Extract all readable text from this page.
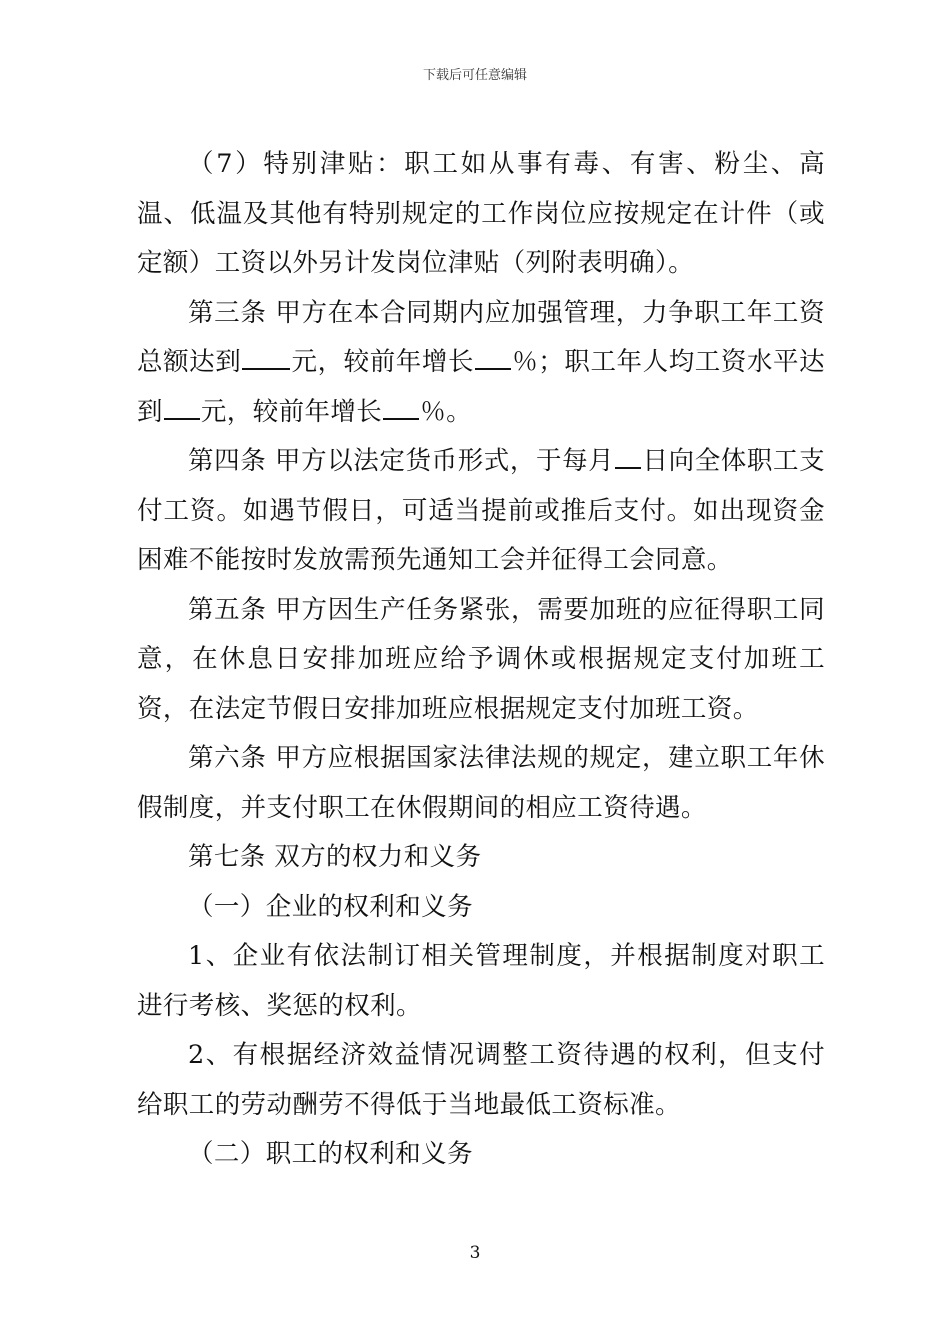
下载后可任意编辑

（7）特别津贴：职工如从事有毒、有害、粉尘、高温、低温及其他有特别规定的工作岗位应按规定在计件（或定额）工资以外另计发岗位津贴（列附表明确）。

第三条 甲方在本合同期内应加强管理，力争职工年工资总额达到 元，较前年增长 ％；职工年人均工资水平达到 元，较前年增长 ％。

第四条 甲方以法定货币形式，于每月 日向全体职工支付工资。如遇节假日，可适当提前或推后支付。如出现资金困难不能按时发放需预先通知工会并征得工会同意。

第五条 甲方因生产任务紧张，需要加班的应征得职工同意，在休息日安排加班应给予调休或根据规定支付加班工资，在法定节假日安排加班应根据规定支付加班工资。

第六条 甲方应根据国家法律法规的规定，建立职工年休假制度，并支付职工在休假期间的相应工资待遇。

第七条 双方的权力和义务

（一）企业的权利和义务

1、企业有依法制订相关管理制度，并根据制度对职工进行考核、奖惩的权利。

2、有根据经济效益情况调整工资待遇的权利，但支付给职工的劳动酬劳不得低于当地最低工资标准。

（二）职工的权利和义务

3
